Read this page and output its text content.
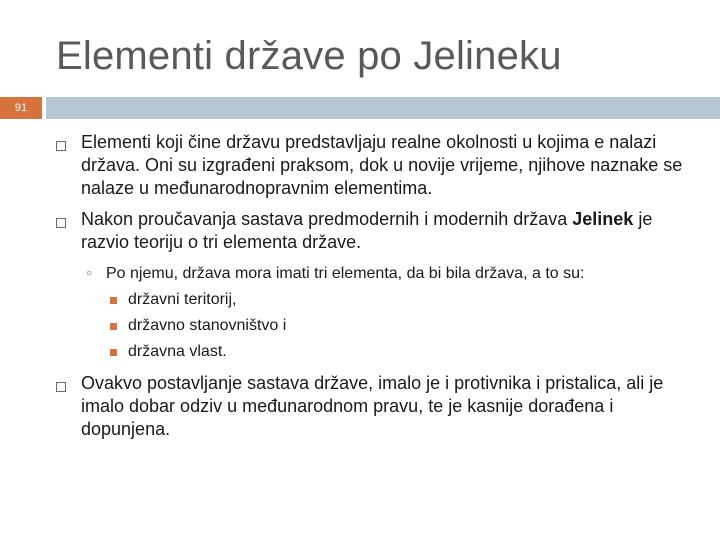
Elementi države po Jelineku
91
Elementi koji čine državu predstavljaju realne okolnosti u kojima e nalazi država. Oni su izgrađeni praksom, dok u novije vrijeme, njihove naznake se nalaze u međunarodnopravnim elementima.
Nakon proučavanja sastava predmodernih i modernih država Jelinek je razvio teoriju o tri elementa države.
○ Po njemu, država mora imati tri elementa, da bi bila država, a to su:
državni teritorij,
državno stanovništvo i
državna vlast.
Ovakvo postavljanje sastava države, imalo je i protivnika i pristalica, ali je imalo dobar odziv u međunarodnom pravu, te je kasnije dorađena i dopunjena.
